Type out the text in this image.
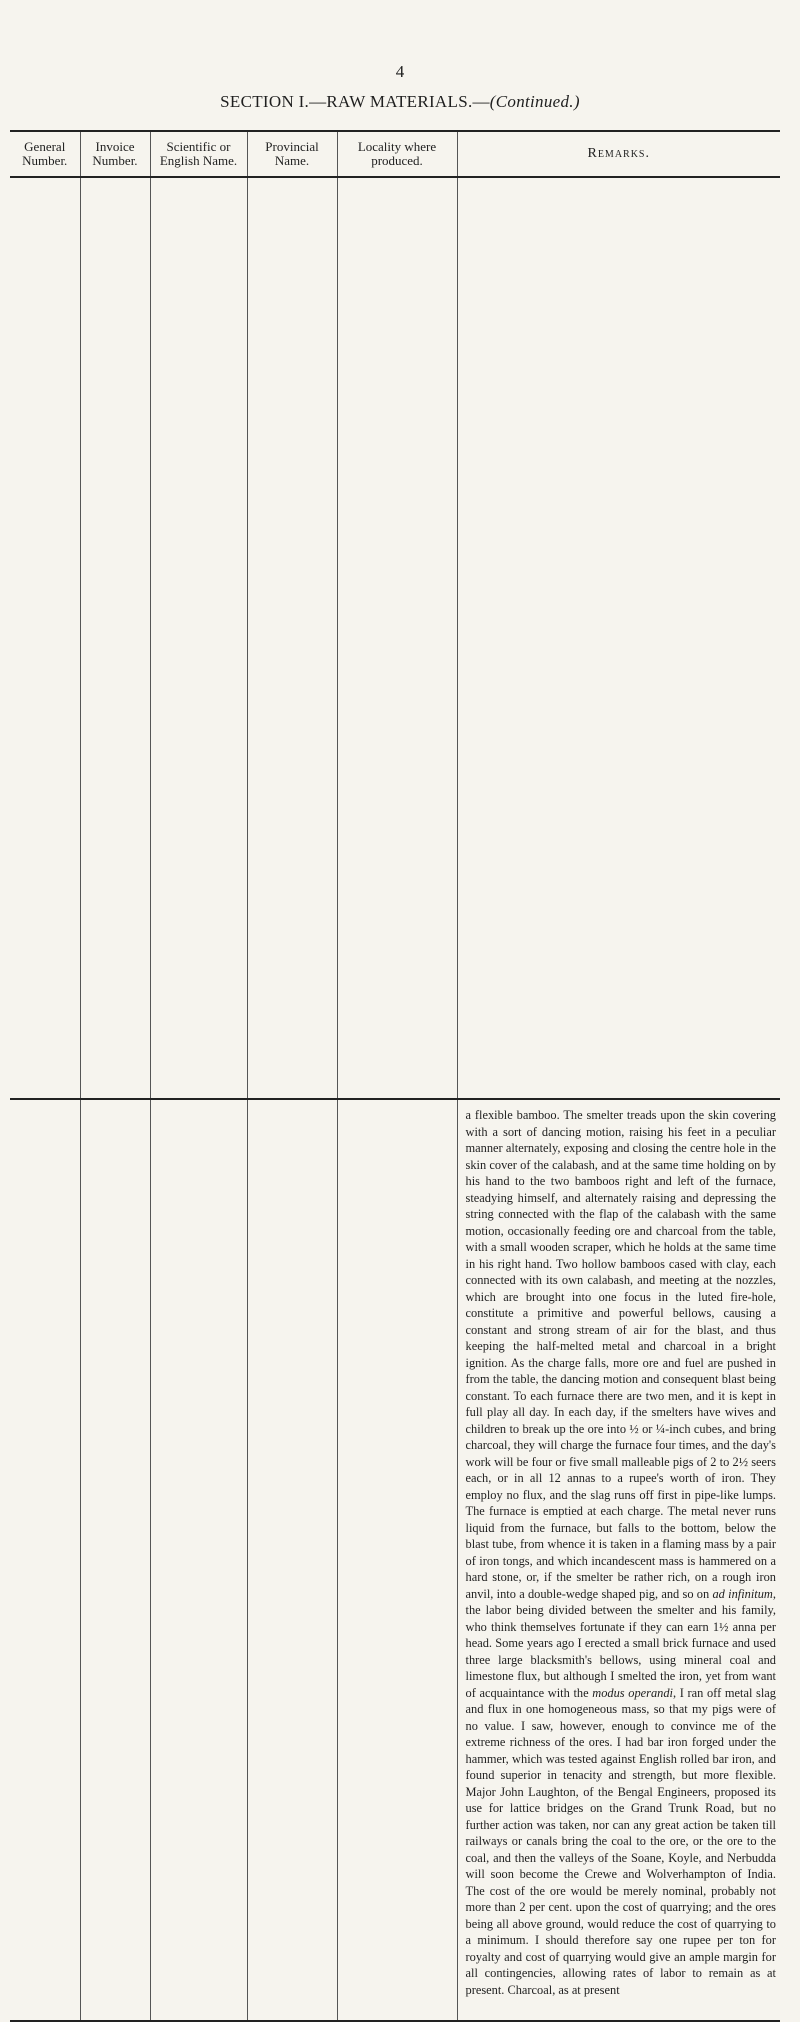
4
SECTION I.—RAW MATERIALS.—(Continued.)
General Number.	Invoice Number.	Scientific or English Name.	Provincial Name.	Locality where produced.	Remarks.

					a flexible bamboo. The smelter treads upon the skin covering with a sort of dancing motion, raising his feet in a peculiar manner alternately, exposing and closing the centre hole in the skin cover of the calabash, and at the same time holding on by his hand to the two bamboos right and left of the furnace, steadying himself, and alternately raising and depressing the string connected with the flap of the calabash with the same motion, occasionally feeding ore and charcoal from the table, with a small wooden scraper, which he holds at the same time in his right hand. Two hollow bamboos cased with clay, each connected with its own calabash, and meeting at the nozzles, which are brought into one focus in the luted fire-hole, constitute a primitive and powerful bellows, causing a constant and strong stream of air for the blast, and thus keeping the half-melted metal and charcoal in a bright ignition. As the charge falls, more ore and fuel are pushed in from the table, the dancing motion and consequent blast being constant. To each furnace there are two men, and it is kept in full play all day. In each day, if the smelters have wives and children to break up the ore into ½ or ¼-inch cubes, and bring charcoal, they will charge the furnace four times, and the day's work will be four or five small malleable pigs of 2 to 2½ seers each, or in all 12 annas to a rupee's worth of iron. They employ no flux, and the slag runs off first in pipe-like lumps. The furnace is emptied at each charge. The metal never runs liquid from the furnace, but falls to the bottom, below the blast tube, from whence it is taken in a flaming mass by a pair of iron tongs, and which incandescent mass is hammered on a hard stone, or, if the smelter be rather rich, on a rough iron anvil, into a double-wedge shaped pig, and so on ad infinitum, the labor being divided between the smelter and his family, who think themselves fortunate if they can earn 1½ anna per head. Some years ago I erected a small brick furnace and used three large blacksmith's bellows, using mineral coal and limestone flux, but although I smelted the iron, yet from want of acquaintance with the modus operandi, I ran off metal slag and flux in one homogeneous mass, so that my pigs were of no value. I saw, however, enough to convince me of the extreme richness of the ores. I had bar iron forged under the hammer, which was tested against English rolled bar iron, and found superior in tenacity and strength, but more flexible. Major John Laughton, of the Bengal Engineers, proposed its use for lattice bridges on the Grand Trunk Road, but no further action was taken, nor can any great action be taken till railways or canals bring the coal to the ore, or the ore to the coal, and then the valleys of the Soane, Koyle, and Nerbudda will soon become the Crewe and Wolverhampton of India. The cost of the ore would be merely nominal, probably not more than 2 per cent. upon the cost of quarrying; and the ores being all above ground, would reduce the cost of quarrying to a minimum. I should therefore say one rupee per ton for royalty and cost of quarrying would give an ample margin for all contingencies, allowing rates of labor to remain as at present. Charcoal, as at present
